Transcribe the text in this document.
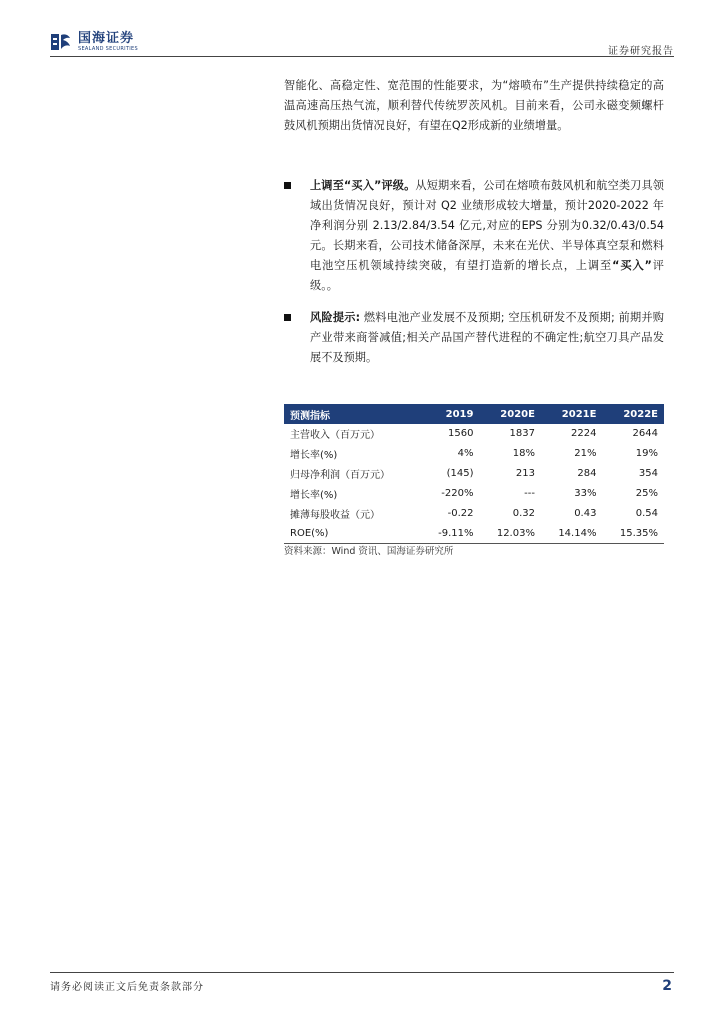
国海证券
SEALAND SECURITIES	证券研究报告

智能化、高稳定性、宽范围的性能要求，为“熔喷布”生产提供持续稳定的高温高速高压热气流，顺利替代传统罗茨风机。目前来看，公司永磁变频螺杆鼓风机预期出货情况良好，有望在Q2形成新的业绩增量。

上调至“买入”评级。从短期来看，公司在熔喷布鼓风机和航空类刀具领域出货情况良好，预计对 Q2 业绩形成较大增量，预计2020-2022 年净利润分别 2.13/2.84/3.54 亿元,对应的EPS 分别为0.32/0.43/0.54元。长期来看，公司技术储备深厚，未来在光伏、半导体真空泵和燃料电池空压机领域持续突破，有望打造新的增长点，上调至“买入”评级。。
风险提示: 燃料电池产业发展不及预期; 空压机研发不及预期; 前期并购产业带来商誉减值;相关产品国产替代进程的不确定性;航空刀具产品发展不及预期。
预测指标	2019	2020E	2021E	2022E
主营收入（百万元）	1560	1837	2224	2644
增长率(%)	4%	18%	21%	19%
归母净利润（百万元）	(145)	213	284	354
增长率(%)	-220%	---	33%	25%
摊薄每股收益（元）	-0.22	0.32	0.43	0.54
ROE(%)	-9.11%	12.03%	14.14%	15.35%
资料来源：Wind 资讯、国海证券研究所
请务必阅读正文后免责条款部分	2
